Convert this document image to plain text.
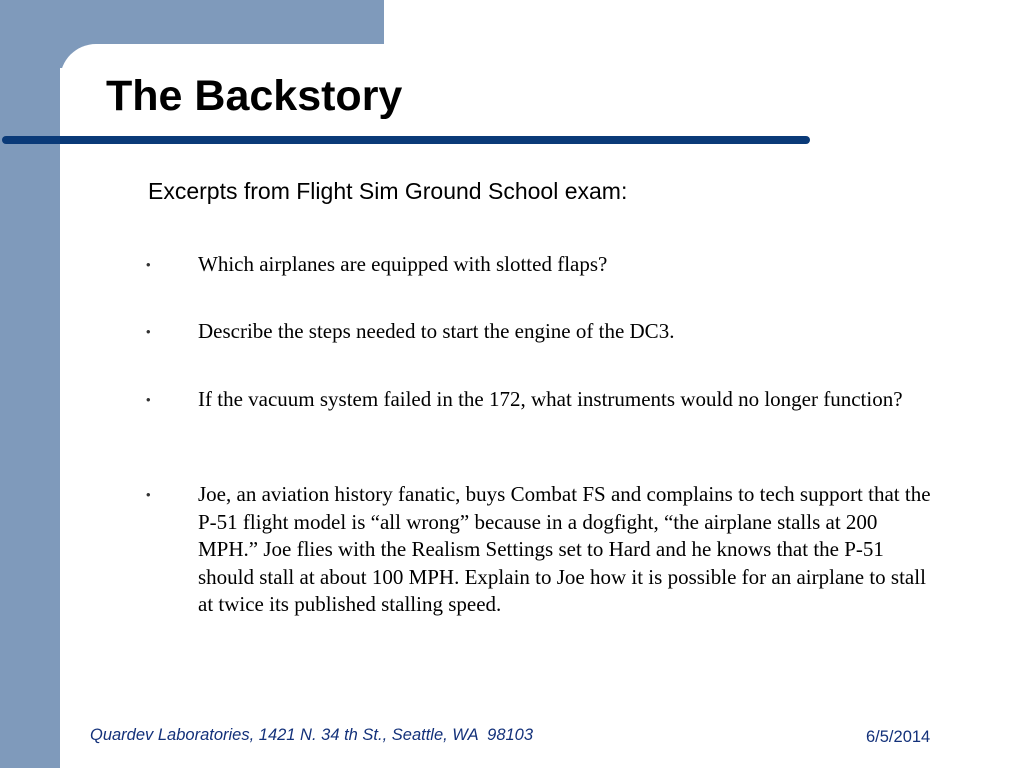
The Backstory

Excerpts from Flight Sim Ground School exam:

• Which airplanes are equipped with slotted flaps?
• Describe the steps needed to start the engine of the DC3.
• If the vacuum system failed in the 172, what instruments would no longer function?
• Joe, an aviation history fanatic, buys Combat FS and complains to tech support that the P-51 flight model is “all wrong” because in a dogfight, “the airplane stalls at 200 MPH.” Joe flies with the Realism Settings set to Hard and he knows that the P-51 should stall at about 100 MPH. Explain to Joe how it is possible for an airplane to stall at twice its published stalling speed.
Quardev Laboratories, 1421 N. 34 th St., Seattle, WA  98103	6/5/2014
